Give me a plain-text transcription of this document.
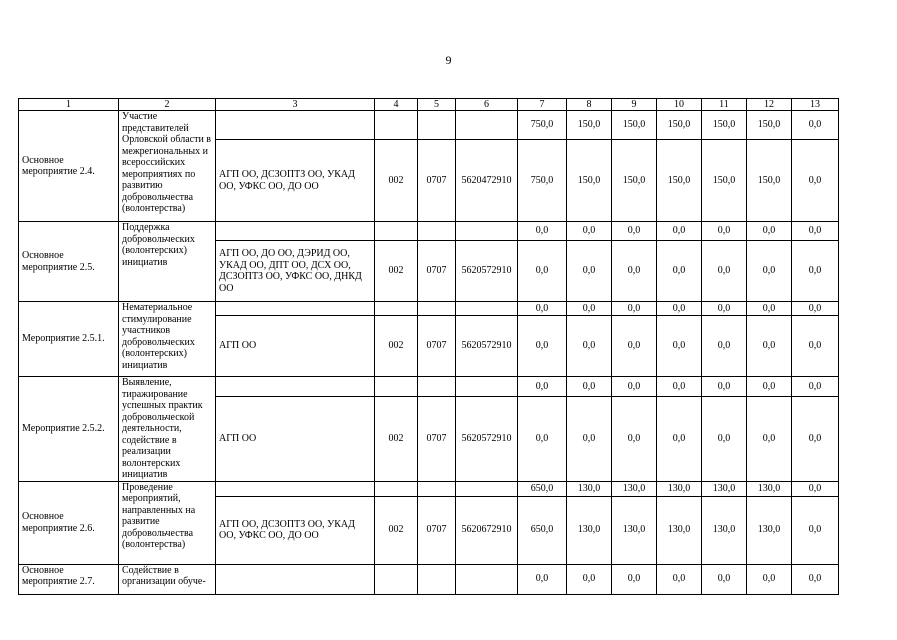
9
1	2	3	4	5	6	7	8	9	10	11	12	13
Основное мероприятие 2.4.	Участие представителей Орловской области в межрегиональных и всероссийских мероприятиях по развитию добровольчества (волонтерства)					750,0	150,0	150,0	150,0	150,0	150,0	0,0
		АГП ОО, ДСЗОПТЗ ОО, УКАД ОО, УФКС ОО, ДО ОО	002	0707	5620472910	750,0	150,0	150,0	150,0	150,0	150,0	0,0
Основное мероприятие 2.5.	Поддержка добровольческих (волонтерских) инициатив					0,0	0,0	0,0	0,0	0,0	0,0	0,0
		АГП ОО, ДО ОО, ДЭРИД ОО, УКАД ОО, ДПТ ОО, ДСХ ОО, ДСЗОПТЗ ОО, УФКС ОО, ДНКД ОО	002	0707	5620572910	0,0	0,0	0,0	0,0	0,0	0,0	0,0
Мероприятие 2.5.1.	Нематериальное стимулирование участников добровольческих (волонтерских) инициатив					0,0	0,0	0,0	0,0	0,0	0,0	0,0
		АГП ОО	002	0707	5620572910	0,0	0,0	0,0	0,0	0,0	0,0	0,0
Мероприятие 2.5.2.	Выявление, тиражирование успешных практик добровольческой деятельности, содействие в реализации волонтерских инициатив					0,0	0,0	0,0	0,0	0,0	0,0	0,0
		АГП ОО	002	0707	5620572910	0,0	0,0	0,0	0,0	0,0	0,0	0,0
Основное мероприятие 2.6.	Проведение мероприятий, направленных на развитие добровольчества (волонтерства)					650,0	130,0	130,0	130,0	130,0	130,0	0,0
		АГП ОО, ДСЗОПТЗ ОО, УКАД ОО, УФКС ОО, ДО ОО	002	0707	5620672910	650,0	130,0	130,0	130,0	130,0	130,0	0,0
Основное мероприятие 2.7.	Содействие в организации обуче-					0,0	0,0	0,0	0,0	0,0	0,0	0,0
